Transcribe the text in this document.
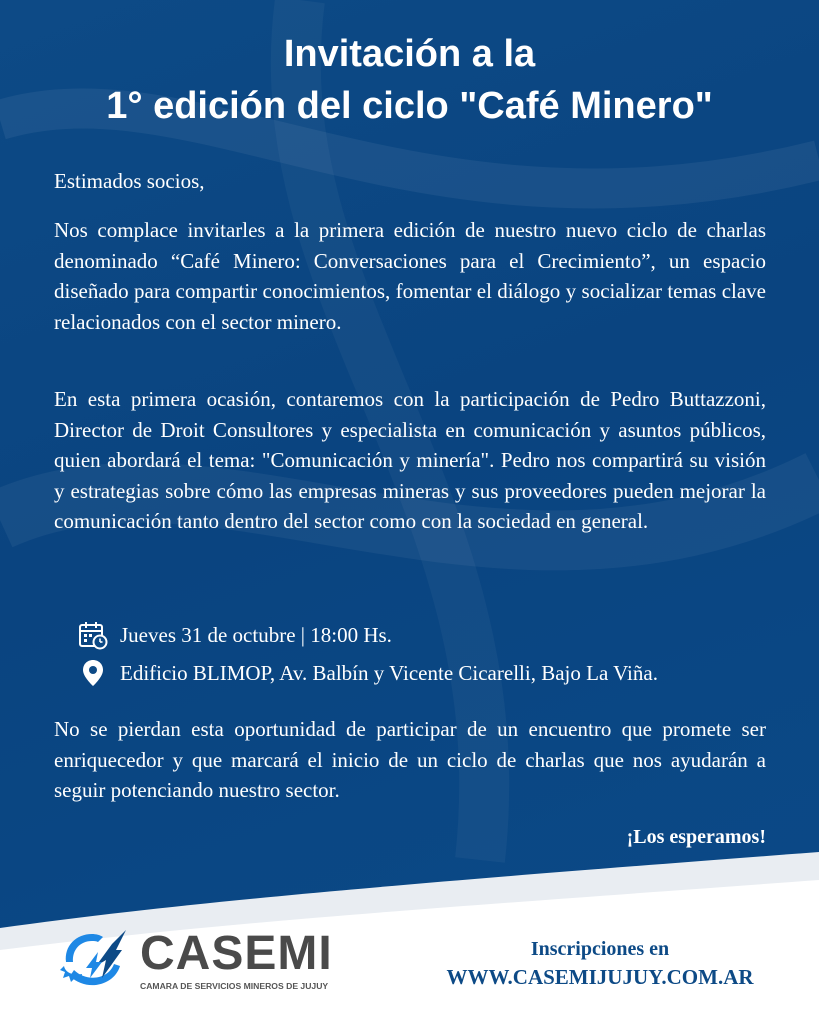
Invitación a la
1° edición del ciclo "Café Minero"
Estimados socios,
Nos complace invitarles a la primera edición de nuestro nuevo ciclo de charlas denominado “Café Minero: Conversaciones para el Crecimiento”, un espacio diseñado para compartir conocimientos, fomentar el diálogo y socializar temas clave relacionados con el sector minero.
En esta primera ocasión, contaremos con la participación de Pedro Buttazzoni, Director de Droit Consultores y especialista en comunicación y asuntos públicos, quien abordará el tema: "Comunicación y minería". Pedro nos compartirá su visión y estrategias sobre cómo las empresas mineras y sus proveedores pueden mejorar la comunicación tanto dentro del sector como con la sociedad en general.
Jueves 31 de octubre | 18:00 Hs.
Edificio BLIMOP, Av. Balbín y Vicente Cicarelli, Bajo La Viña.
No se pierdan esta oportunidad de participar de un encuentro que promete ser enriquecedor y que marcará el inicio de un ciclo de charlas que nos ayudarán a seguir potenciando nuestro sector.
¡Los esperamos!
CASEMI
CAMARA DE SERVICIOS MINEROS DE JUJUY
Inscripciones en
WWW.CASEMIJUJUY.COM.AR
